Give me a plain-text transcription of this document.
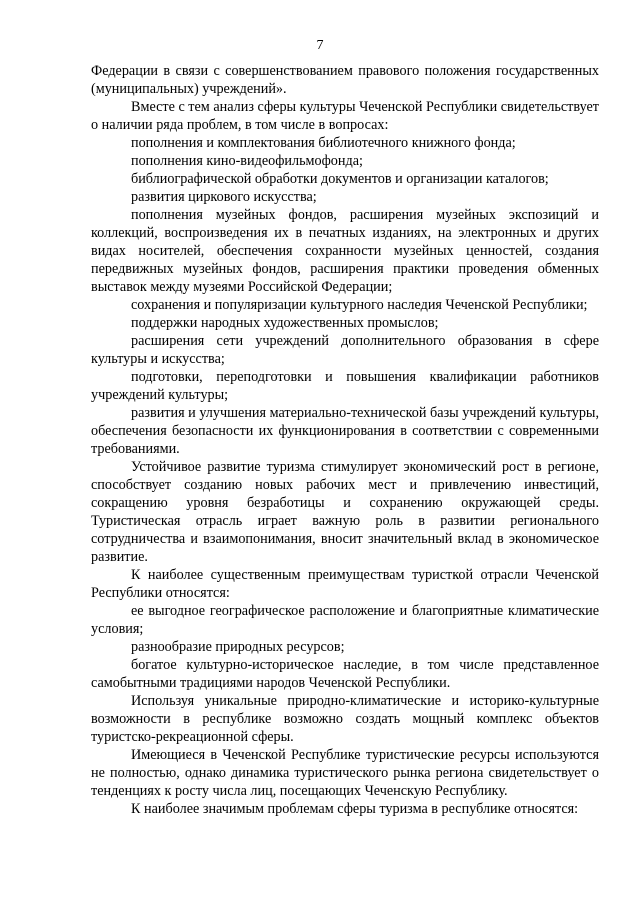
7

Федерации в связи с совершенствованием правового положения государственных (муниципальных) учреждений».

Вместе с тем анализ сферы культуры Чеченской Республики свидетельствует о наличии ряда проблем, в том числе в вопросах:

пополнения и комплектования библиотечного книжного фонда;

пополнения кино-видеофильмофонда;

библиографической обработки документов и организации каталогов;

развития циркового искусства;

пополнения музейных фондов, расширения музейных экспозиций и коллекций, воспроизведения их в печатных изданиях, на электронных и других видах носителей, обеспечения сохранности музейных ценностей, создания передвижных музейных фондов, расширения практики проведения обменных выставок между музеями Российской Федерации;

сохранения и популяризации культурного наследия Чеченской Республики;

поддержки народных художественных промыслов;

расширения сети учреждений дополнительного образования в сфере культуры и искусства;

подготовки, переподготовки и повышения квалификации работников учреждений культуры;

развития и улучшения материально-технической базы учреждений культуры, обеспечения безопасности их функционирования в соответствии с современными требованиями.

Устойчивое развитие туризма стимулирует экономический рост в регионе, способствует созданию новых рабочих мест и привлечению инвестиций, сокращению уровня безработицы и сохранению окружающей среды. Туристическая отрасль играет важную роль в развитии регионального сотрудничества и взаимопонимания, вносит значительный вклад в экономическое развитие.

К наиболее существенным преимуществам туристкой отрасли Чеченской Республики относятся:

ее выгодное географическое расположение и благоприятные климатические условия;

разнообразие природных ресурсов;

богатое культурно-историческое наследие, в том числе представленное самобытными традициями народов Чеченской Республики.

Используя уникальные природно-климатические и историко-культурные возможности в республике возможно создать мощный комплекс объектов туристско-рекреационной сферы.

Имеющиеся в Чеченской Республике туристические ресурсы используются не полностью, однако динамика туристического рынка региона свидетельствует о тенденциях к росту числа лиц, посещающих Чеченскую Республику.

К наиболее значимым проблемам сферы туризма в республике относятся:
